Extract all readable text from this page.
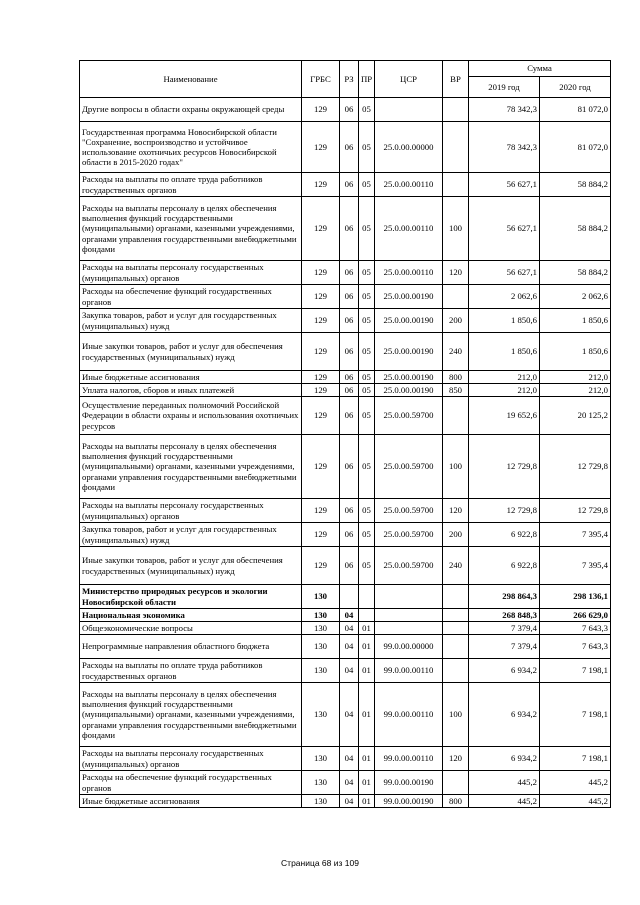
Наименование	ГРБС	РЗ	ПР	ЦСР	ВР	Сумма	
						2019 год	2020 год
Другие вопросы в области охраны окружающей среды	129	06	05			78 342,3	81 072,0
Государственная программа Новосибирской области "Сохранение, воспроизводство и устойчивое использование охотничьих ресурсов Новосибирской области в 2015-2020 годах"	129	06	05	25.0.00.00000		78 342,3	81 072,0
Расходы на выплаты по оплате труда работников государственных органов	129	06	05	25.0.00.00110		56 627,1	58 884,2
Расходы на выплаты персоналу в целях обеспечения выполнения функций государственными (муниципальными) органами, казенными учреждениями, органами управления государственными внебюджетными фондами	129	06	05	25.0.00.00110	100	56 627,1	58 884,2
Расходы на выплаты персоналу государственных (муниципальных) органов	129	06	05	25.0.00.00110	120	56 627,1	58 884,2
Расходы на обеспечение функций государственных органов	129	06	05	25.0.00.00190		2 062,6	2 062,6
Закупка товаров, работ и услуг для государственных (муниципальных) нужд	129	06	05	25.0.00.00190	200	1 850,6	1 850,6
Иные закупки товаров, работ и услуг для обеспечения государственных (муниципальных) нужд	129	06	05	25.0.00.00190	240	1 850,6	1 850,6
Иные бюджетные ассигнования	129	06	05	25.0.00.00190	800	212,0	212,0
Уплата налогов, сборов и иных платежей	129	06	05	25.0.00.00190	850	212,0	212,0
Осуществление переданных полномочий Российской Федерации в области охраны и использования охотничьих ресурсов	129	06	05	25.0.00.59700		19 652,6	20 125,2
Расходы на выплаты персоналу в целях обеспечения выполнения функций государственными (муниципальными) органами, казенными учреждениями, органами управления государственными внебюджетными фондами	129	06	05	25.0.00.59700	100	12 729,8	12 729,8
Расходы на выплаты персоналу государственных (муниципальных) органов	129	06	05	25.0.00.59700	120	12 729,8	12 729,8
Закупка товаров, работ и услуг для государственных (муниципальных) нужд	129	06	05	25.0.00.59700	200	6 922,8	7 395,4
Иные закупки товаров, работ и услуг для обеспечения государственных (муниципальных) нужд	129	06	05	25.0.00.59700	240	6 922,8	7 395,4
Министерство природных ресурсов и экологии Новосибирской области	130					298 864,3	298 136,1
Национальная экономика	130	04				268 848,3	266 629,0
Общеэкономические вопросы	130	04	01			7 379,4	7 643,3
Непрограммные направления областного бюджета	130	04	01	99.0.00.00000		7 379,4	7 643,3
Расходы на выплаты по оплате труда работников государственных органов	130	04	01	99.0.00.00110		6 934,2	7 198,1
Расходы на выплаты персоналу в целях обеспечения выполнения функций государственными (муниципальными) органами, казенными учреждениями, органами управления государственными внебюджетными фондами	130	04	01	99.0.00.00110	100	6 934,2	7 198,1
Расходы на выплаты персоналу государственных (муниципальных) органов	130	04	01	99.0.00.00110	120	6 934,2	7 198,1
Расходы на обеспечение функций государственных органов	130	04	01	99.0.00.00190		445,2	445,2
Иные бюджетные ассигнования	130	04	01	99.0.00.00190	800	445,2	445,2
Страница 68 из 109
